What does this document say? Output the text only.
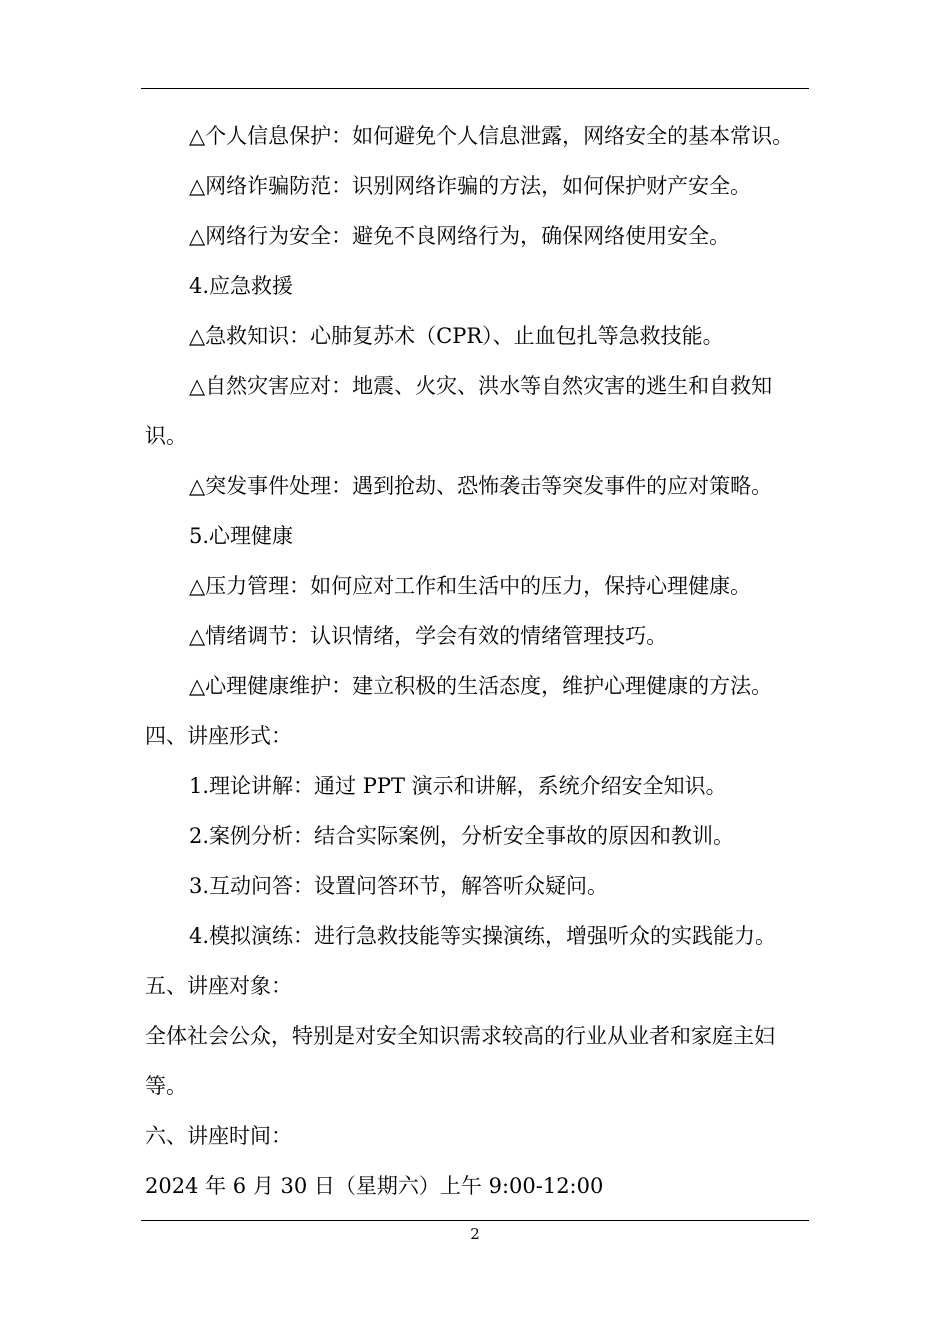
△个人信息保护：如何避免个人信息泄露，网络安全的基本常识。
△网络诈骗防范：识别网络诈骗的方法，如何保护财产安全。
△网络行为安全：避免不良网络行为，确保网络使用安全。
4.应急救援
△急救知识：心肺复苏术（CPR）、止血包扎等急救技能。
△自然灾害应对：地震、火灾、洪水等自然灾害的逃生和自救知
识。
△突发事件处理：遇到抢劫、恐怖袭击等突发事件的应对策略。
5.心理健康
△压力管理：如何应对工作和生活中的压力，保持心理健康。
△情绪调节：认识情绪，学会有效的情绪管理技巧。
△心理健康维护：建立积极的生活态度，维护心理健康的方法。
四、讲座形式：
1.理论讲解：通过 PPT 演示和讲解，系统介绍安全知识。
2.案例分析：结合实际案例，分析安全事故的原因和教训。
3.互动问答：设置问答环节，解答听众疑问。
4.模拟演练：进行急救技能等实操演练，增强听众的实践能力。
五、讲座对象：
全体社会公众，特别是对安全知识需求较高的行业从业者和家庭主妇
等。
六、讲座时间：
2024 年 6 月 30 日（星期六）上午 9:00-12:00
2
